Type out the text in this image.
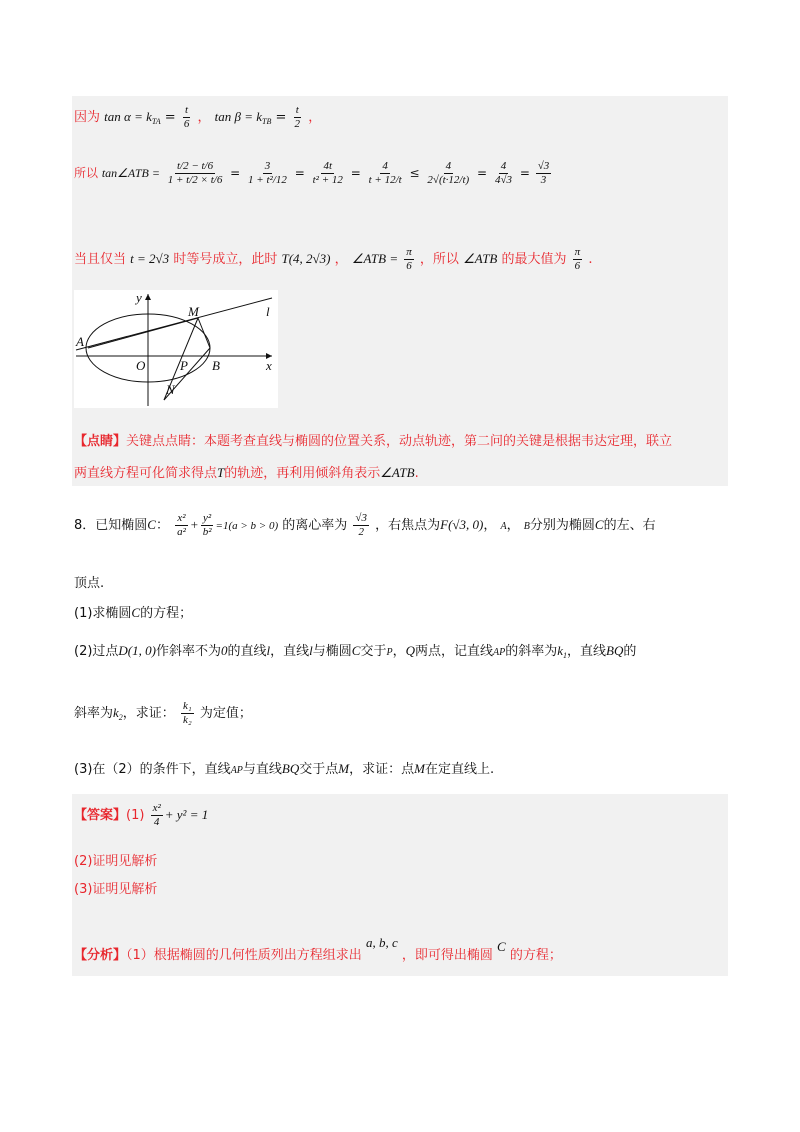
因为 $\tan \alpha = k_{TA} = \frac{t}{6}$ ， $\tan \beta = k_{TB} = \frac{t}{2}$ ，
所以 tan∠ATB = $\frac{t/2 - t/6}{1 + t/2 \times t/6} = \frac{3}{\text{1 + t²/12}} = \frac{4t}{\text{t² + 12}} = \frac{4}{t + 12/t} \le \frac{4}{2√(t\cdot 12/t)} = \frac{4}{4√3} = \frac{√3}{3}$
当且仅当 t = 2√3 时等号成立，此时 T(4, 2√3) ， ∠ATB = $\frac{\pi}{6}$ ，所以 ∠ATB 的最大值为 $\frac{\pi}{6}$ .
y
x
A
O	P B
M
N
l
【点睛】关键点点睛：本题考查直线与椭圆的位置关系，动点轨迹，第二问的关键是根据韦达定理，联立
两直线方程可化简求得点T的轨迹，再利用倾斜角表示∠ATB.
8．已知椭圆C： $\frac{\text{x²}}{\text{a²}} + \frac{\text{y²}}{\text{b²}} =1(a > b > 0)$ 的离心率为 $\frac{√3}{2}$ ，右焦点为F(√3, 0)， A， B分别为椭圆C的左、右
顶点.
(1)求椭圆C的方程；
(2)过点D(1, 0)作斜率不为0的直线l，直线l与椭圆C交于P，Q两点，记直线AP的斜率为$k_1$，直线BQ的
斜率为$k_2$，求证： $\frac{\text{k₁}}{\text{k₂}}$ 为定值；
(3)在（2）的条件下，直线AP与直线BQ交于点M，求证：点M在定直线上.
【答案】$(1) \frac{\text{x²}}{4} + y^2 = 1$
(2)证明见解析
(3)证明见解析
【分析】（1）根据椭圆的几何性质列出方程组求出 a, b, c ，即可得出椭圆 C 的方程；
